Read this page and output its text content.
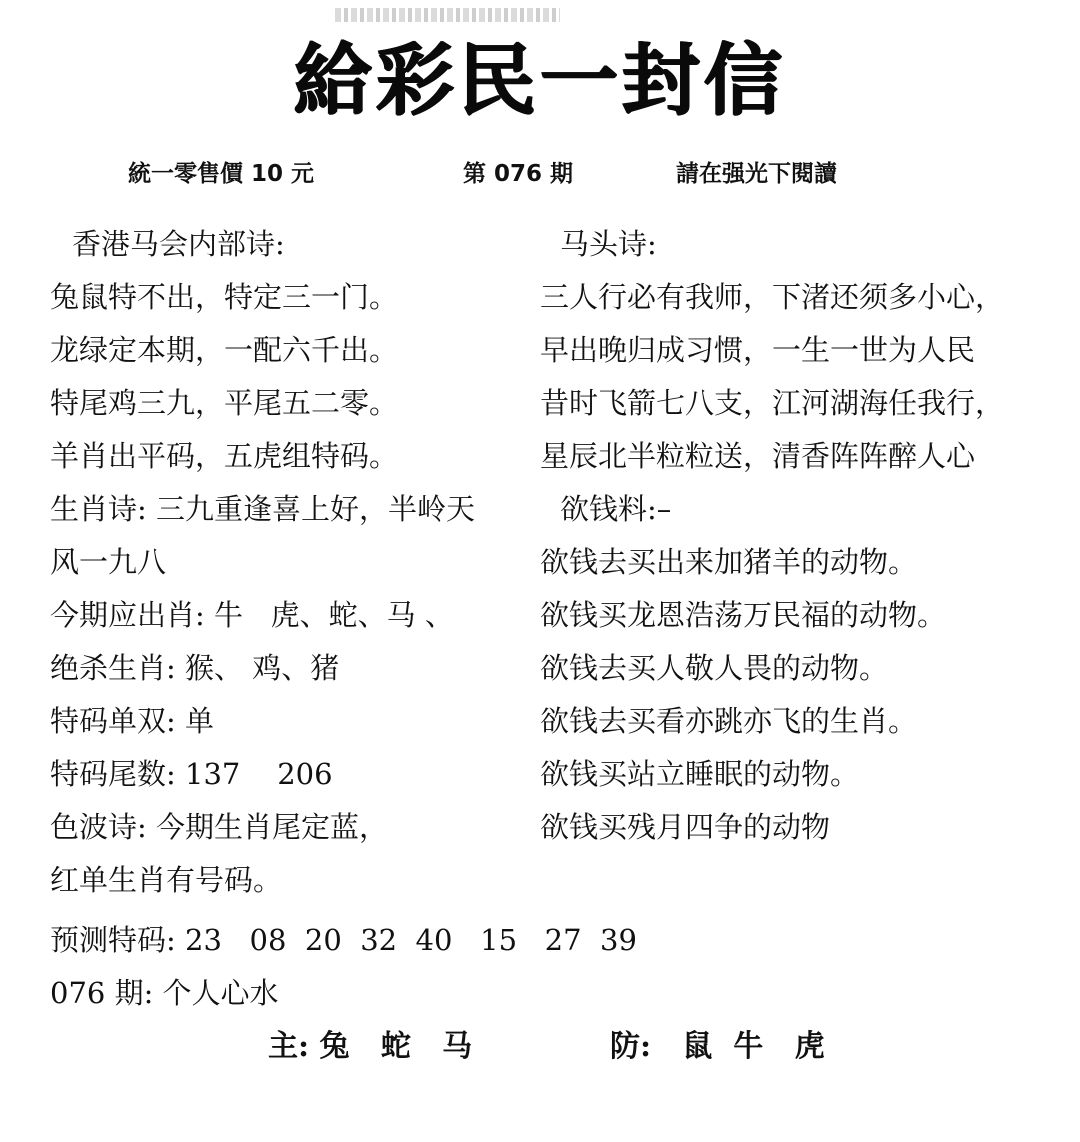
給彩民一封信
統一零售價 10 元	第 076 期	請在强光下閱讀
香港马会内部诗:
兔鼠特不出，特定三一门。
龙绿定本期，一配六千出。
特尾鸡三九，平尾五二零。
羊肖出平码，五虎组特码。
生肖诗: 三九重逢喜上好，半岭天
风一九八
今期应出肖: 牛   虎、蛇、马 、
绝杀生肖: 猴、 鸡、猪
特码单双: 单
特码尾数: 137    206
色波诗: 今期生肖尾定蓝，
红单生肖有号码。
马头诗:
三人行必有我师，下渚还须多小心，
早出晚归成习惯，一生一世为人民
昔时飞箭七八支，江河湖海任我行，
星辰北半粒粒送，清香阵阵醉人心
欲钱料:–
欲钱去买出来加猪羊的动物。
欲钱买龙恩浩荡万民福的动物。
欲钱去买人敬人畏的动物。
欲钱去买看亦跳亦飞的生肖。
欲钱买站立睡眠的动物。
欲钱买残月四争的动物
预测特码: 23   08  20  32  40   15   27  39
076 期: 个人心水
主: 兔   蛇   马	防:   鼠  牛   虎
